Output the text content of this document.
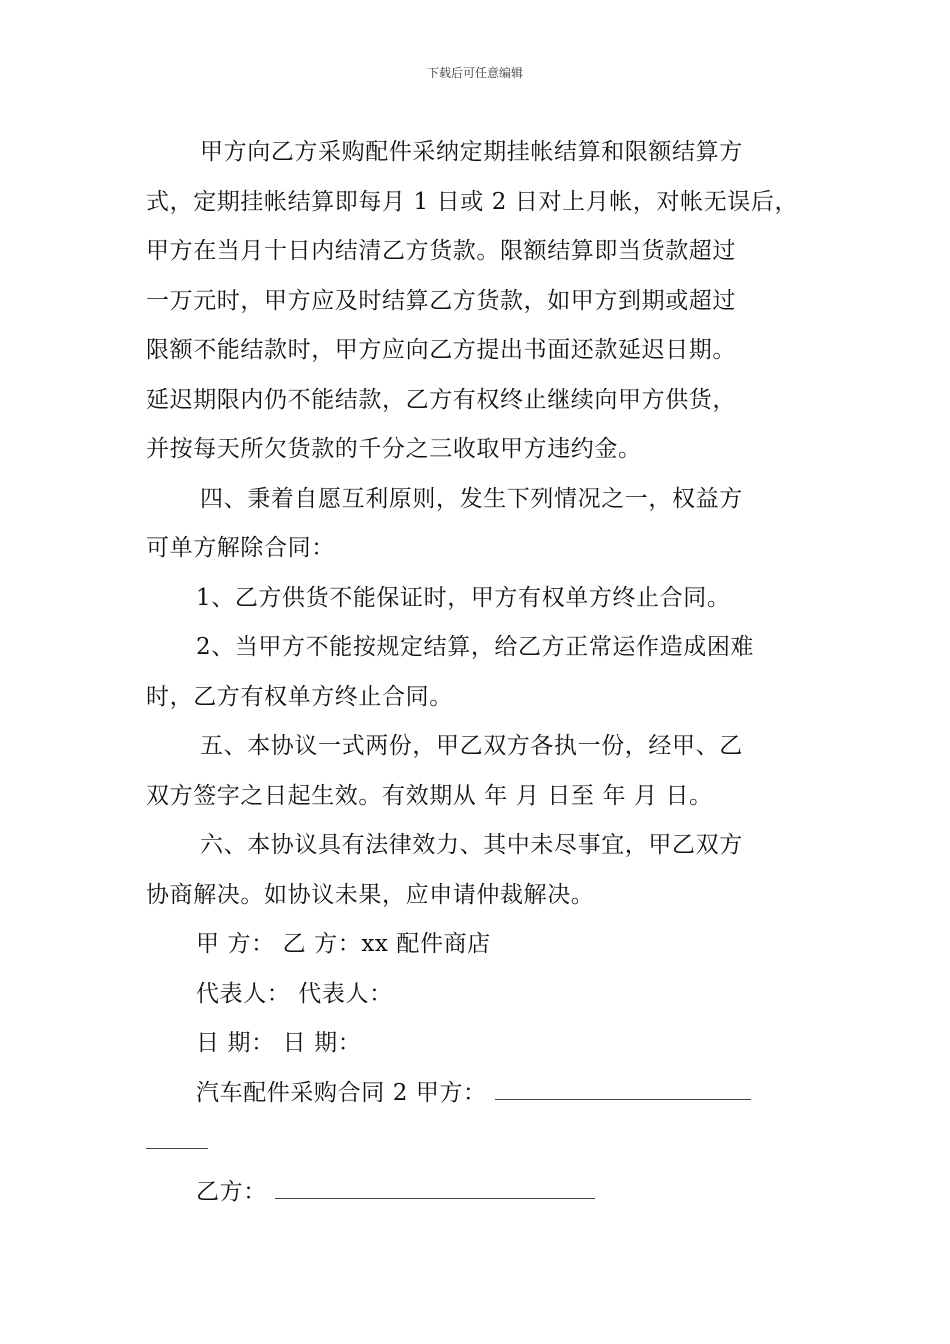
下载后可任意编辑
甲方向乙方采购配件采纳定期挂帐结算和限额结算方
式，定期挂帐结算即每月 1 日或 2 日对上月帐，对帐无误后，
甲方在当月十日内结清乙方货款。限额结算即当货款超过
一万元时，甲方应及时结算乙方货款，如甲方到期或超过
限额不能结款时，甲方应向乙方提出书面还款延迟日期。
延迟期限内仍不能结款，乙方有权终止继续向甲方供货，
并按每天所欠货款的千分之三收取甲方违约金。
四、秉着自愿互利原则，发生下列情况之一，权益方
可单方解除合同：
1、乙方供货不能保证时，甲方有权单方终止合同。
2、当甲方不能按规定结算，给乙方正常运作造成困难
时，乙方有权单方终止合同。
五、本协议一式两份，甲乙双方各执一份，经甲、乙
双方签字之日起生效。有效期从 年 月 日至 年 月 日。
六、本协议具有法律效力、其中未尽事宜，甲乙双方
协商解决。如协议未果，应申请仲裁解决。
甲 方： 乙 方：xx 配件商店
代表人： 代表人：
日 期： 日 期：
汽车配件采购合同 2 甲方：
乙方：
